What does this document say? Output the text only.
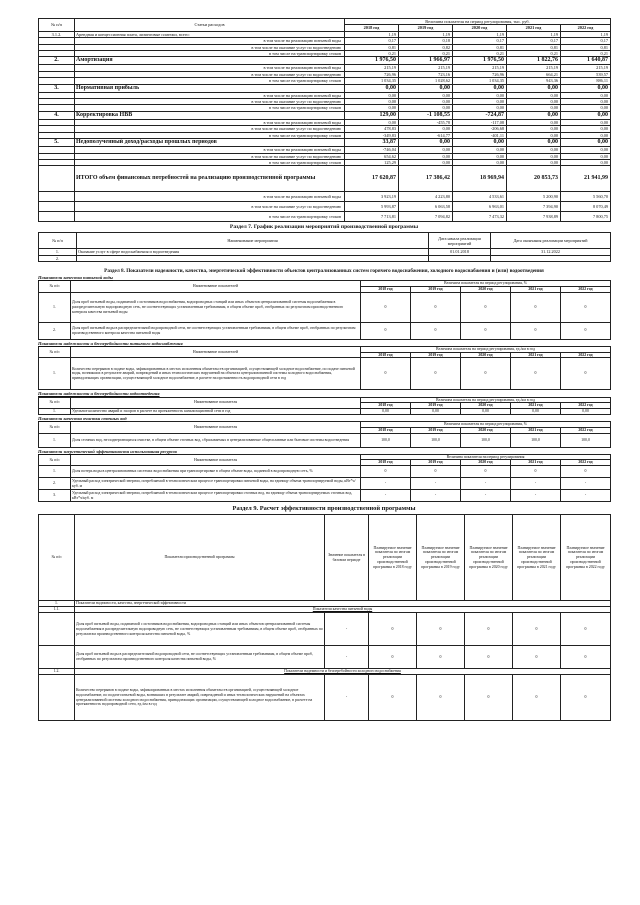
№ п/п	Статьи расходов	Величина показателя на период регулирования, тыс. руб.				
		2018 год	2019 год	2020 год	2021 год	2022 год
3.1.2.	Арендная и концессионная плата, лизинговые платежи, всего:	1,19	1,19	1,19	1,19	1,19
	в том числе на реализацию питьевой воды	0,17	0,18	0,17	0,17	0,17
	в том числе на оказание услуг по водоотведению	0,81	0,82	0,81	0,81	0,81
	в том числе на транспортировку стоков	0,21	0,21	0,21	0,21	0,21
2.	Амортизация	1 976,50	1 966,97	1 976,50	1 822,76	1 640,87
	в том числе на реализацию питьевой воды	215,19	215,19	215,19	215,19	215,19
	в том числе на оказание услуг по водоотведению	726,96	723,16	726,96	664,21	539,57
	в том числе на транспортировку стоков	1 034,35	1 028,62	1 034,35	943,36	886,11
3.	Нормативная прибыль	0,00	0,00	0,00	0,00	0,00
	в том числе на реализацию питьевой воды	0,00	0,00	0,00	0,00	0,00
	в том числе на оказание услуг по водоотведению	0,00	0,00	0,00	0,00	0,00
	в том числе на транспортировку стоков	0,00	0,00	0,00	0,00	0,00
4.	Корректировка НВВ	129,00	-1 108,55	-724,87	0,00	0,00
	в том числе на реализацию питьевой воды	0,00	-455,78	-117,08	0,00	0,00
	в том числе на оказание услуг по водоотведению	478,83	0,00	-206,68	0,00	0,00
	в том числе на транспортировку стоков	-349,83	-614,77	-401,11	0,00	0,00
5.	Недополученный доход/расходы прошлых периодов	33,87	0,00	0,00	0,00	0,00
	в том числе на реализацию питьевой воды	-746,04	0,00	0,00	0,00	0,00
	в том числе на оказание услуг по водоотведению	654,62	0,00	0,00	0,00	0,00
	в том числе на транспортировку стоков	125,29	0,00	0,00	0,00	0,00
	ИТОГО объем финансовых потребностей на реализацию производственной программы	17 620,87	17 386,42	18 969,94	20 853,73	21 941,99
	в том числе на реализацию питьевой воды	3 923,19	4 223,80	4 533,61	5 200,90	5 560,70
	в том числе на оказание услуг по водоотведению	5 993,87	6 063,58	6 963,01	7 394,90	8 070,49
	в том числе на транспортировку стоков	7 713,81	7 094,82	7 473,32	7 938,89	7 800,75
Раздел 7. График реализации мероприятий производственной программы
№ п/п	Наименование мероприятия	Дата начала реализации мероприятий	Дата окончания реализации мероприятий
1.	Оказание услуг в сфере водоснабжения и водоотведения	01.01.2018	31.12.2022
2.			
Раздел 8. Показатели надежности, качества, энергетической эффективности объектов централизованных систем горячего водоснабжения, холодного водоснабжения и (или) водоотведения
Показатели качества питьевой воды
№ п/п	Наименование показателей	Величина показателя на период регулирования, %				
		2018 год	2019 год	2020 год	2021 год	2022 год
1.	Доля проб питьевой воды, подаваемой с источников водоснабжения, водопроводных станций или иных объектов централизованной системы водоснабжения в распределительную водопроводную сеть, не соответствующих установленным требованиям, в общем объеме проб, отобранных по результатам производственного контроля качества питьевой воды	0	0	0	0	0
2.	Доля проб питьевой воды в распределительной водопроводной сети, не соответствующих установленным требованиям, в общем объеме проб, отобранных по результатам производственного контроля качества питьевой воды	0	0	0	0	0
Показатели надежности и бесперебойности питьевого водоснабжения
№ п/п	Наименование показателей	Величина показателя на период регулирования, ед./км в год				
		2018 год	2019 год	2020 год	2021 год	2022 год
1.	Количество перерывов в подаче воды, зафиксированных в местах исполнения обязательств организацией, осуществляющей холодное водоснабжение, по подаче питьевой воды, возникших в результате аварий, повреждений и иных технологических нарушений на объектах централизованной системы холодного водоснабжения, принадлежащих организации, осуществляющей холодное водоснабжение, в расчете на протяженность водопроводной сети в год	0	0	0	0	0
Показатели надежности и бесперебойности водоотведения
№ п/п	Наименование показателя	Величина показателя на период регулирования, ед./км в год				
		2018 год	2019 год	2020 год	2021 год	2022 год
1.	Удельное количество аварий и засоров в расчете на протяженность канализационной сети в год	0,00	0,00	0,00	0,00	0,00
Показатели качества очистки сточных вод
№ п/п	Наименование показателя	Величина показателя на период регулирования, %				
		2018 год	2019 год	2020 год	2021 год	2022 год
1.	Доля сточных вод, не подвергающихся очистке, в общем объеме сточных вод, сбрасываемых в централизованные общесплавные или бытовые системы водоотведения	100,0	100,0	100,0	100,0	100,0
Показатели энергетической эффективности использования ресурсов
№ п/п	Наименование показателя	Величина показателя на период регулирования				
		2018 год	2019 год	2020 год	2021 год	2022 год
1.	Доля потерь воды в централизованных системах водоснабжения при транспортировке в общем объеме воды, поданной в водопроводную сеть, %	0	0	0	0	0
2.	Удельный расход электрической энергии, потребляемой в технологическом процессе транспортировки питьевой воды, на единицу объема транспортируемой воды, кВт*ч/куб. м	-	-	-	-	-
3.	Удельный расход электрической энергии, потребляемой в технологическом процессе транспортировки сточных вод, на единицу объема транспортируемых сточных вод, кВт*ч/куб. м	-	-	-	-	-
Раздел 9. Расчет эффективности производственной программы
№ п/п	Показатели производственной программы	Значение показателя в базовом периоде	Планируемое значение показателя по итогам реализации производственной программы в 2018 году	Планируемое значение показателя по итогам реализации производственной программы в 2019 году	Планируемое значение показателя по итогам реализации производственной программы в 2020 году	Планируемое значение показателя по итогам реализации производственной программы в 2021 году	Планируемое значение показателя по итогам реализации производственной программы в 2022 году
1.	Показатели надежности, качества, энергетической эффективности						
1.1.	Показатели качества питьевой воды						
	Доля проб питьевой воды, подаваемой с источников водоснабжения, водопроводных станций или иных объектов централизованной системы водоснабжения в распределительную водопроводную сеть, не соответствующих установленным требованиям, в общем объеме проб, отобранных по результатам производственного контроля качества питьевой воды, %	-	0	0	0	0	0
	Доля проб питьевой воды в распределительной водопроводной сети, не соответствующих установленным требованиям, в общем объеме проб, отобранных по результатам производственного контроля качества питьевой воды, %	-	0	0	0	0	0
1.2.	Показатели надежности и бесперебойности холодного водоснабжения						
	Количество перерывов в подаче воды, зафиксированных в местах исполнения обязательств организацией, осуществляющей холодное водоснабжение, по подаче питьевой воды, возникших в результате аварий, повреждений и иных технологических нарушений на объектах централизованной системы холодного водоснабжения, принадлежащих организации, осуществляющей холодное водоснабжение, в расчете на протяженность водопроводной сети, ед./км в год	-	0	0	0	0	0
